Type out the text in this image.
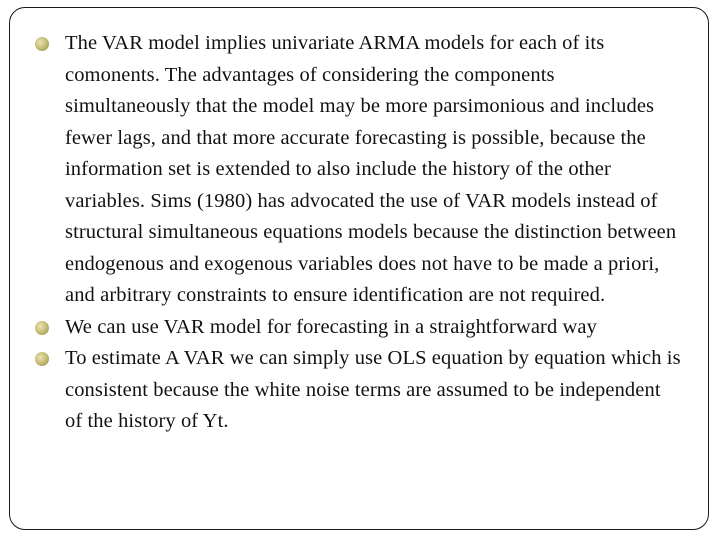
The VAR model implies univariate ARMA models for each of its comonents. The advantages of considering the components simultaneously that the model may be more parsimonious and includes fewer lags, and that more accurate forecasting is possible, because the information set is extended to also include the history of the other variables. Sims (1980) has advocated the use of VAR models instead of structural simultaneous equations models because the distinction between endogenous and exogenous variables does not have to be made a priori, and arbitrary constraints to ensure identification are not required.
We can use VAR model for forecasting in a straightforward way
To estimate A VAR we can simply use OLS equation by equation which is consistent because the white noise terms are assumed to be independent of the history of Yt.
